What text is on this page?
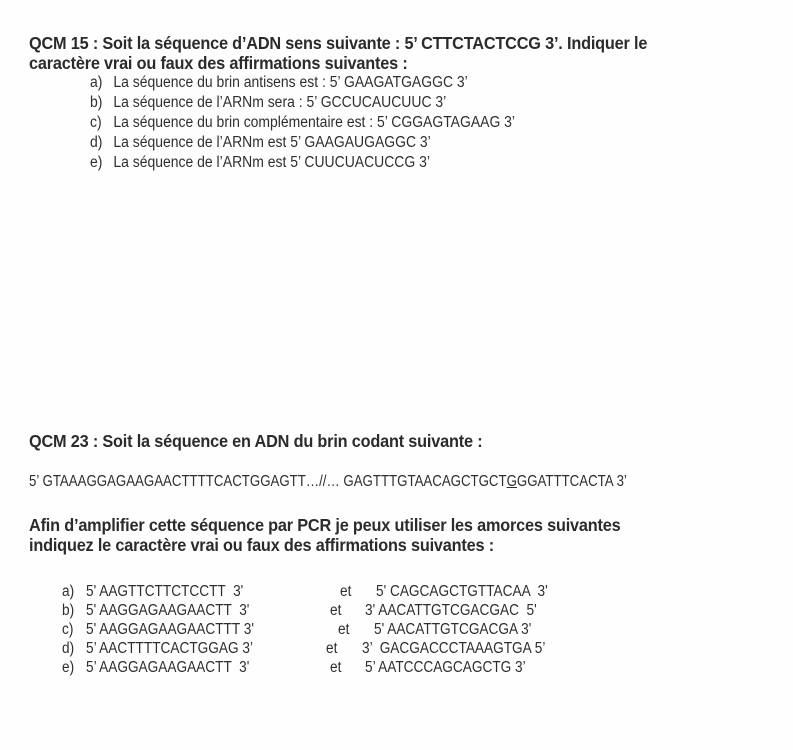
QCM 15 : Soit la séquence d’ADN sens suivante : 5’ CTTCTACTCCG 3’. Indiquer le
caractère vrai ou faux des affirmations suivantes :
a) La séquence du brin antisens est : 5’ GAAGATGAGGC 3’
b) La séquence de l’ARNm sera : 5’ GCCUCAUCUUC 3’
c) La séquence du brin complémentaire est : 5’ CGGAGTAGAAG 3’
d) La séquence de l’ARNm est 5’ GAAGAUGAGGC 3’
e) La séquence de l’ARNm est 5’ CUUCUACUCCG 3’
QCM 23 : Soit la séquence en ADN du brin codant suivante :
5’ GTAAAGGAGAAGAACTTTTCACTGGAGTT…//… GAGTTTGTAACAGCTGCTGGGATTTCACTA 3’
Afin d’amplifier cette séquence par PCR je peux utiliser les amorces suivantes
indiquez le caractère vrai ou faux des affirmations suivantes :
a) 5' AAGTTCTTCTCCTT  3'	et 5' CAGCAGCTGTTACAA  3'
b) 5' AAGGAGAAGAACTT  3'	et 3' AACATTGTCGACGAC  5'
c) 5' AAGGAGAAGAACTTT 3'	et 5' AACATTGTCGACGA 3'
d) 5’ AACTTTTCACTGGAG 3’	et 3’  GACGACCCTAAAGTGA 5’
e) 5’ AAGGAGAAGAACTT  3'	et 5’ AATCCCAGCAGCTG 3’
